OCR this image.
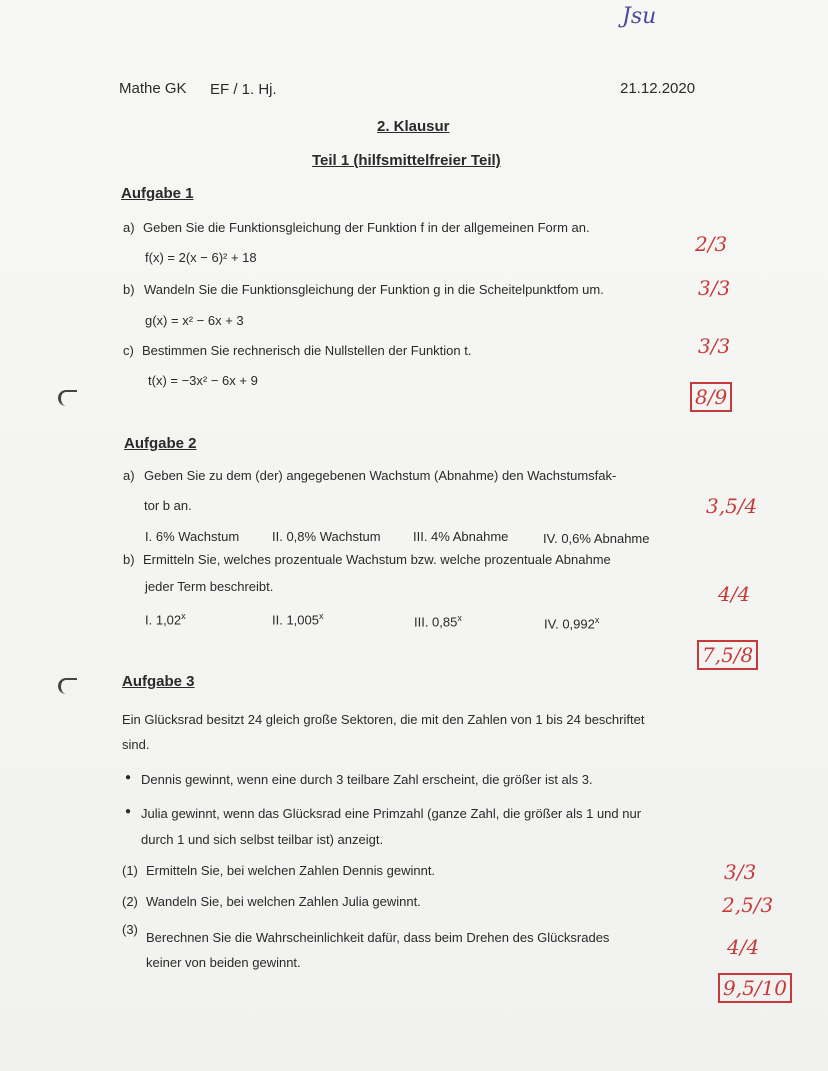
Jsu
Mathe GK EF / 1. Hj.	21.12.2020
2. Klausur
Teil 1 (hilfsmittelfreier Teil)
Aufgabe 1
a) Geben Sie die Funktionsgleichung der Funktion f in der allgemeinen Form an.
f(x) = 2(x − 6)² + 18
2/3
b) Wandeln Sie die Funktionsgleichung der Funktion g in die Scheitelpunktfom um.
g(x) = x² − 6x + 3
3/3
c) Bestimmen Sie rechnerisch die Nullstellen der Funktion t.
t(x) = −3x² − 6x + 9
3/3
8/9
Aufgabe 2
a) Geben Sie zu dem (der) angegebenen Wachstum (Abnahme) den Wachstumsfak-
tor b an.
I. 6% Wachstum	II. 0,8% Wachstum III. 4% Abnahme	IV. 0,6% Abnahme
3,5/4
b) Ermitteln Sie, welches prozentuale Wachstum bzw. welche prozentuale Abnahme
jeder Term beschreibt.
I. 1,02$^x$	II. 1,005$^x$	III. 0,85$^x$	IV. 0,992$^x$
4/4
7,5/8
Aufgabe 3
Ein Glücksrad besitzt 24 gleich große Sektoren, die mit den Zahlen von 1 bis 24 beschriftet
sind.
● Dennis gewinnt, wenn eine durch 3 teilbare Zahl erscheint, die größer ist als 3.
● Julia gewinnt, wenn das Glücksrad eine Primzahl (ganze Zahl, die größer als 1 und nur
durch 1 und sich selbst teilbar ist) anzeigt.
(1) Ermitteln Sie, bei welchen Zahlen Dennis gewinnt.	3/3
(2) Wandeln Sie, bei welchen Zahlen Julia gewinnt.	2,5/3
(3)
Berechnen Sie die Wahrscheinlichkeit dafür, dass beim Drehen des Glücksrades
keiner von beiden gewinnt.
4/4
9,5/10
